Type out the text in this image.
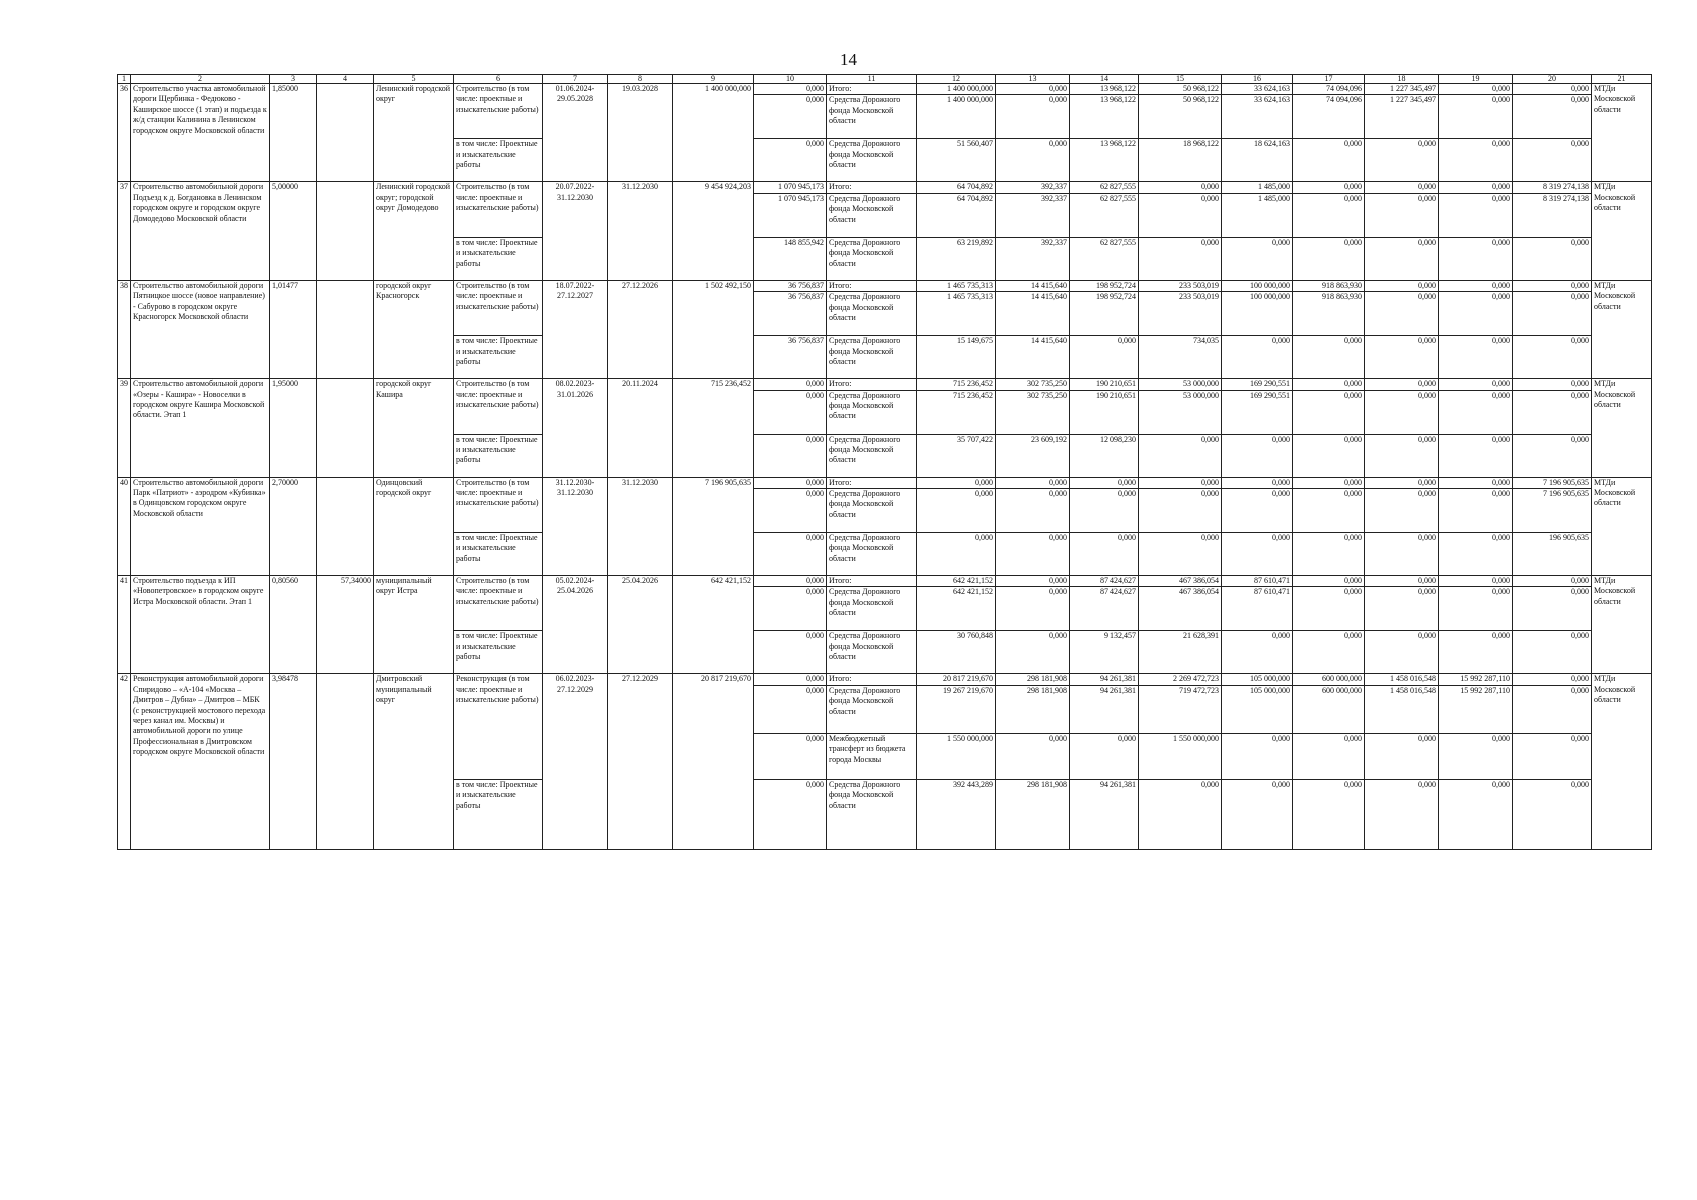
14
1	2	3	4	5	6	7	8	9	10	11	12	13	14	15	16	17	18	19	20	21
36	Строительство участка автомобильной дороги Щербинка - Федюково - Каширское шоссе (1 этап) и подъезда к ж/д станции Калинина в Ленинском городском округе Московской области	1,85000		Ленинский городской округ	Строительство (в том числе: проектные и изыскательские работы)	01.06.2024-29.05.2028	19.03.2028	1 400 000,000	0,000	Итого:	1 400 000,000	0,000	13 968,122	50 968,122	33 624,163	74 094,096	1 227 345,497	0,000	0,000	МТДи Московской области
									0,000	Средства Дорожного фонда Московской области	1 400 000,000	0,000	13 968,122	50 968,122	33 624,163	74 094,096	1 227 345,497	0,000	0,000	
					в том числе: Проектные и изыскательские работы				0,000	Средства Дорожного фонда Московской области	51 560,407	0,000	13 968,122	18 968,122	18 624,163	0,000	0,000	0,000	0,000	
37	Строительство автомобильной дороги Подъезд к д. Богдановка в Ленинском городском округе и городском округе Домодедово Московской области	5,00000		Ленинский городской округ; городской округ Домодедово	Строительство (в том числе: проектные и изыскательские работы)	20.07.2022-31.12.2030	31.12.2030	9 454 924,203	1 070 945,173	Итого:	64 704,892	392,337	62 827,555	0,000	1 485,000	0,000	0,000	0,000	8 319 274,138	МТДи Московской области
									1 070 945,173	Средства Дорожного фонда Московской области	64 704,892	392,337	62 827,555	0,000	1 485,000	0,000	0,000	0,000	8 319 274,138	
					в том числе: Проектные и изыскательские работы				148 855,942	Средства Дорожного фонда Московской области	63 219,892	392,337	62 827,555	0,000	0,000	0,000	0,000	0,000	0,000	
38	Строительство автомобильной дороги Пятницкое шоссе (новое направление) - Сабурово в городском округе Красногорск Московской области	1,01477		городской округ Красногорск	Строительство (в том числе: проектные и изыскательские работы)	18.07.2022-27.12.2027	27.12.2026	1 502 492,150	36 756,837	Итого:	1 465 735,313	14 415,640	198 952,724	233 503,019	100 000,000	918 863,930	0,000	0,000	0,000	МТДи Московской области
									36 756,837	Средства Дорожного фонда Московской области	1 465 735,313	14 415,640	198 952,724	233 503,019	100 000,000	918 863,930	0,000	0,000	0,000	
					в том числе: Проектные и изыскательские работы				36 756,837	Средства Дорожного фонда Московской области	15 149,675	14 415,640	0,000	734,035	0,000	0,000	0,000	0,000	0,000	
39	Строительство автомобильной дороги «Озеры - Кашира» - Новоселки в городском округе Кашира Московской области. Этап 1	1,95000		городской округ Кашира	Строительство (в том числе: проектные и изыскательские работы)	08.02.2023-31.01.2026	20.11.2024	715 236,452	0,000	Итого:	715 236,452	302 735,250	190 210,651	53 000,000	169 290,551	0,000	0,000	0,000	0,000	МТДи Московской области
									0,000	Средства Дорожного фонда Московской области	715 236,452	302 735,250	190 210,651	53 000,000	169 290,551	0,000	0,000	0,000	0,000	
					в том числе: Проектные и изыскательские работы				0,000	Средства Дорожного фонда Московской области	35 707,422	23 609,192	12 098,230	0,000	0,000	0,000	0,000	0,000	0,000	
40	Строительство автомобильной дороги Парк «Патриот» - аэродром «Кубинка» в Одинцовском городском округе Московской области	2,70000		Одинцовский городской округ	Строительство (в том числе: проектные и изыскательские работы)	31.12.2030-31.12.2030	31.12.2030	7 196 905,635	0,000	Итого:	0,000	0,000	0,000	0,000	0,000	0,000	0,000	0,000	7 196 905,635	МТДи Московской области
									0,000	Средства Дорожного фонда Московской области	0,000	0,000	0,000	0,000	0,000	0,000	0,000	0,000	7 196 905,635	
					в том числе: Проектные и изыскательские работы				0,000	Средства Дорожного фонда Московской области	0,000	0,000	0,000	0,000	0,000	0,000	0,000	0,000	196 905,635	
41	Строительство подъезда к ИП «Новопетровское» в городском округе Истра Московской области. Этап 1	0,80560	57,34000	муниципальный округ Истра	Строительство (в том числе: проектные и изыскательские работы)	05.02.2024-25.04.2026	25.04.2026	642 421,152	0,000	Итого:	642 421,152	0,000	87 424,627	467 386,054	87 610,471	0,000	0,000	0,000	0,000	МТДи Московской области
									0,000	Средства Дорожного фонда Московской области	642 421,152	0,000	87 424,627	467 386,054	87 610,471	0,000	0,000	0,000	0,000	
					в том числе: Проектные и изыскательские работы				0,000	Средства Дорожного фонда Московской области	30 760,848	0,000	9 132,457	21 628,391	0,000	0,000	0,000	0,000	0,000	
42	Реконструкция автомобильной дороги Спиридово – «А-104 «Москва – Дмитров – Дубна» – Дмитров – МБК (с реконструкцией мостового перехода через канал им. Москвы) и автомобильной дороги по улице Профессиональная в Дмитровском городском округе Московской области	3,98478		Дмитровский муниципальный округ	Реконструкция (в том числе: проектные и изыскательские работы)	06.02.2023-27.12.2029	27.12.2029	20 817 219,670	0,000	Итого:	20 817 219,670	298 181,908	94 261,381	2 269 472,723	105 000,000	600 000,000	1 458 016,548	15 992 287,110	0,000	МТДи Московской области
									0,000	Средства Дорожного фонда Московской области	19 267 219,670	298 181,908	94 261,381	719 472,723	105 000,000	600 000,000	1 458 016,548	15 992 287,110	0,000	
									0,000	Межбюджетный трансферт из бюджета города Москвы	1 550 000,000	0,000	0,000	1 550 000,000	0,000	0,000	0,000	0,000	0,000	
					в том числе: Проектные и изыскательские работы				0,000	Средства Дорожного фонда Московской области	392 443,289	298 181,908	94 261,381	0,000	0,000	0,000	0,000	0,000	0,000	
